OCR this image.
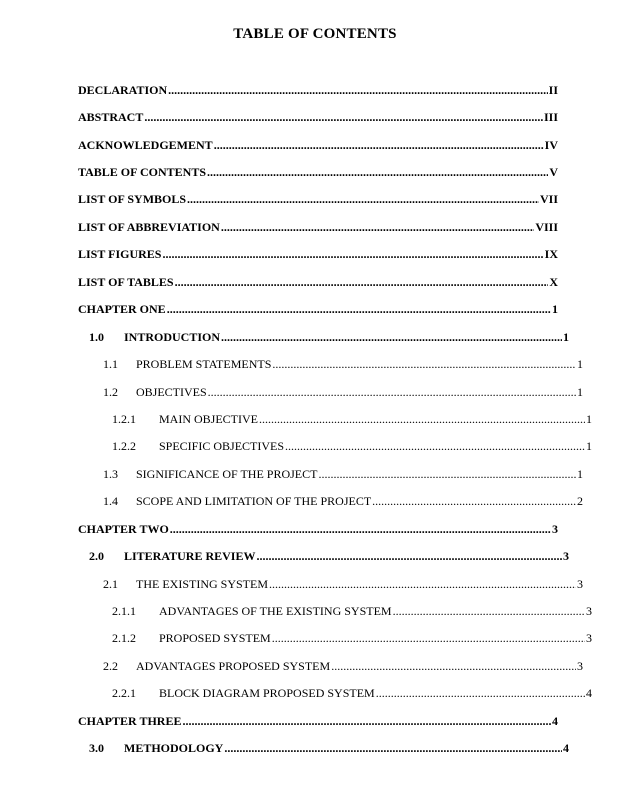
TABLE OF CONTENTS
DECLARATION .....	II
ABSTRACT .....	III
ACKNOWLEDGEMENT .....	IV
TABLE OF CONTENTS .....	V
LIST OF SYMBOLS .....	VII
LIST OF ABBREVIATION .....	VIII
LIST FIGURES .....	IX
LIST OF TABLES .....	X
CHAPTER ONE .....	1
1.0	INTRODUCTION .....	1
1.1	PROBLEM STATEMENTS .....	1
1.2	OBJECTIVES .....	1
1.2.1	MAIN OBJECTIVE .....	1
1.2.2	SPECIFIC OBJECTIVES .....	1
1.3	SIGNIFICANCE OF THE PROJECT .....	1
1.4	SCOPE AND LIMITATION OF THE PROJECT .....	2
CHAPTER TWO .....	3
2.0	LITERATURE REVIEW .....	3
2.1	THE EXISTING SYSTEM .....	3
2.1.1	ADVANTAGES OF THE EXISTING SYSTEM .....	3
2.1.2	PROPOSED SYSTEM .....	3
2.2	ADVANTAGES PROPOSED SYSTEM .....	3
2.2.1	BLOCK DIAGRAM PROPOSED SYSTEM .....	4
CHAPTER THREE .....	4
3.0	METHODOLOGY .....	4
